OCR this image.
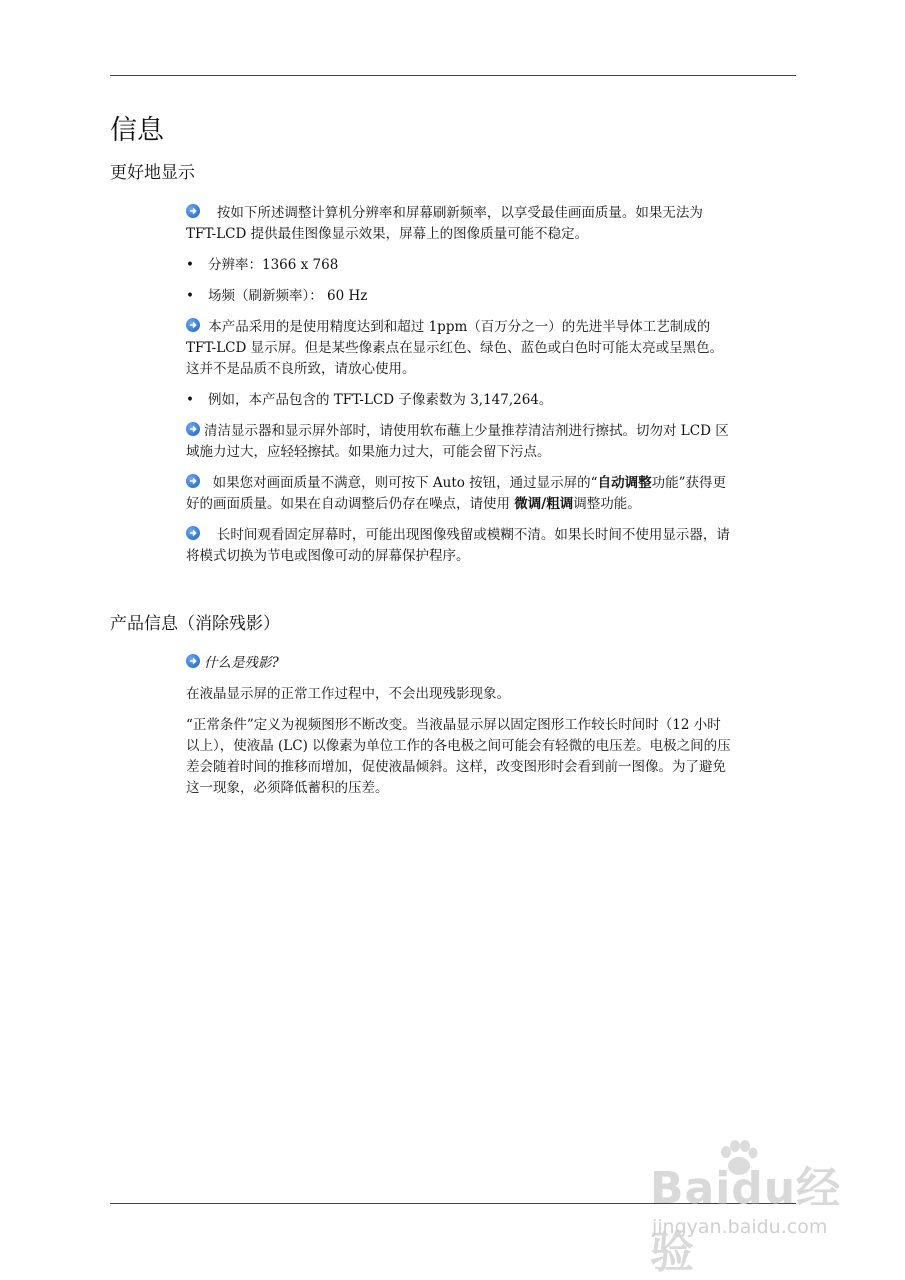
信息
更好地显示
按如下所述调整计算机分辨率和屏幕刷新频率，以享受最佳画面质量。如果无法为 TFT-LCD 提供最佳图像显示效果，屏幕上的图像质量可能不稳定。
• 分辨率：1366 x 768
• 场频（刷新频率）： 60 Hz
本产品采用的是使用精度达到和超过 1ppm（百万分之一）的先进半导体工艺制成的 TFT-LCD 显示屏。但是某些像素点在显示红色、绿色、蓝色或白色时可能太亮或呈黑色。这并不是品质不良所致，请放心使用。
• 例如，本产品包含的 TFT-LCD 子像素数为 3,147,264。
清洁显示器和显示屏外部时，请使用软布蘸上少量推荐清洁剂进行擦拭。切勿对 LCD 区域施力过大，应轻轻擦拭。如果施力过大，可能会留下污点。
如果您对画面质量不满意，则可按下 Auto 按钮，通过显示屏的“自动调整功能”获得更好的画面质量。如果在自动调整后仍存在噪点，请使用 微调/粗调调整功能。
长时间观看固定屏幕时，可能出现图像残留或模糊不清。如果长时间不使用显示器，请将模式切换为节电或图像可动的屏幕保护程序。
产品信息（消除残影）
什么是残影?
在液晶显示屏的正常工作过程中，不会出现残影现象。
“正常条件”定义为视频图形不断改变。当液晶显示屏以固定图形工作较长时间时（12 小时以上），使液晶 (LC) 以像素为单位工作的各电极之间可能会有轻微的电压差。电极之间的压差会随着时间的推移而增加，促使液晶倾斜。这样，改变图形时会看到前一图像。为了避免这一现象，必须降低蓄积的压差。
Baidu经验
jingyan.baidu.com
